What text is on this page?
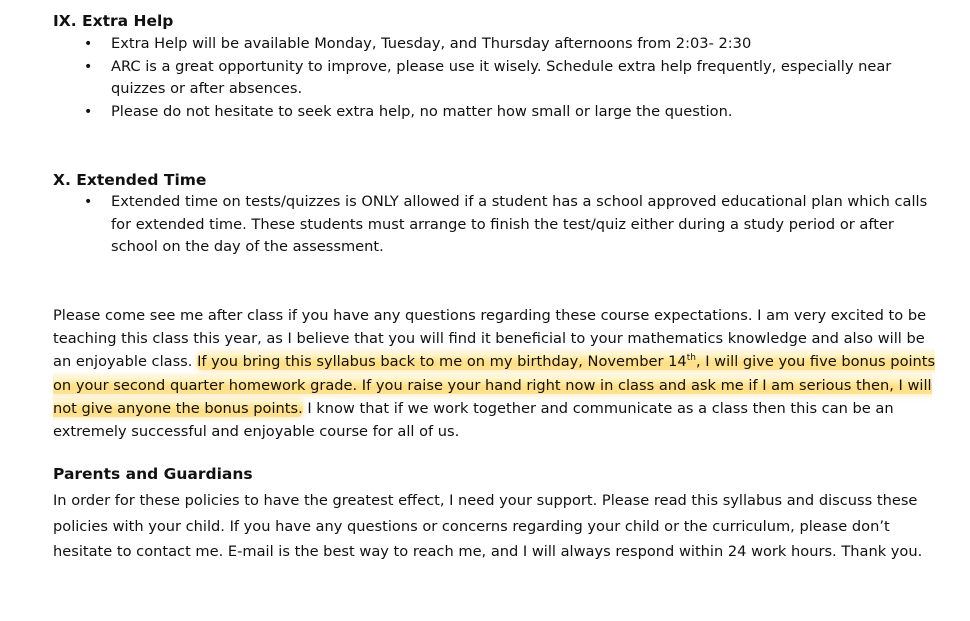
IX. Extra Help
• Extra Help will be available Monday, Tuesday, and Thursday afternoons from 2:03- 2:30
• ARC is a great opportunity to improve, please use it wisely. Schedule extra help frequently, especially near quizzes or after absences.
• Please do not hesitate to seek extra help, no matter how small or large the question.
X. Extended Time
• Extended time on tests/quizzes is ONLY allowed if a student has a school approved educational plan which calls for extended time. These students must arrange to finish the test/quiz either during a study period or after school on the day of the assessment.
Please come see me after class if you have any questions regarding these course expectations. I am very excited to be teaching this class this year, as I believe that you will find it beneficial to your mathematics knowledge and also will be an enjoyable class. If you bring this syllabus back to me on my birthday, November 14th, I will give you five bonus points on your second quarter homework grade. If you raise your hand right now in class and ask me if I am serious then, I will not give anyone the bonus points. I know that if we work together and communicate as a class then this can be an extremely successful and enjoyable course for all of us.
Parents and Guardians
In order for these policies to have the greatest effect, I need your support. Please read this syllabus and discuss these policies with your child. If you have any questions or concerns regarding your child or the curriculum, please don’t hesitate to contact me. E-mail is the best way to reach me, and I will always respond within 24 work hours. Thank you.
